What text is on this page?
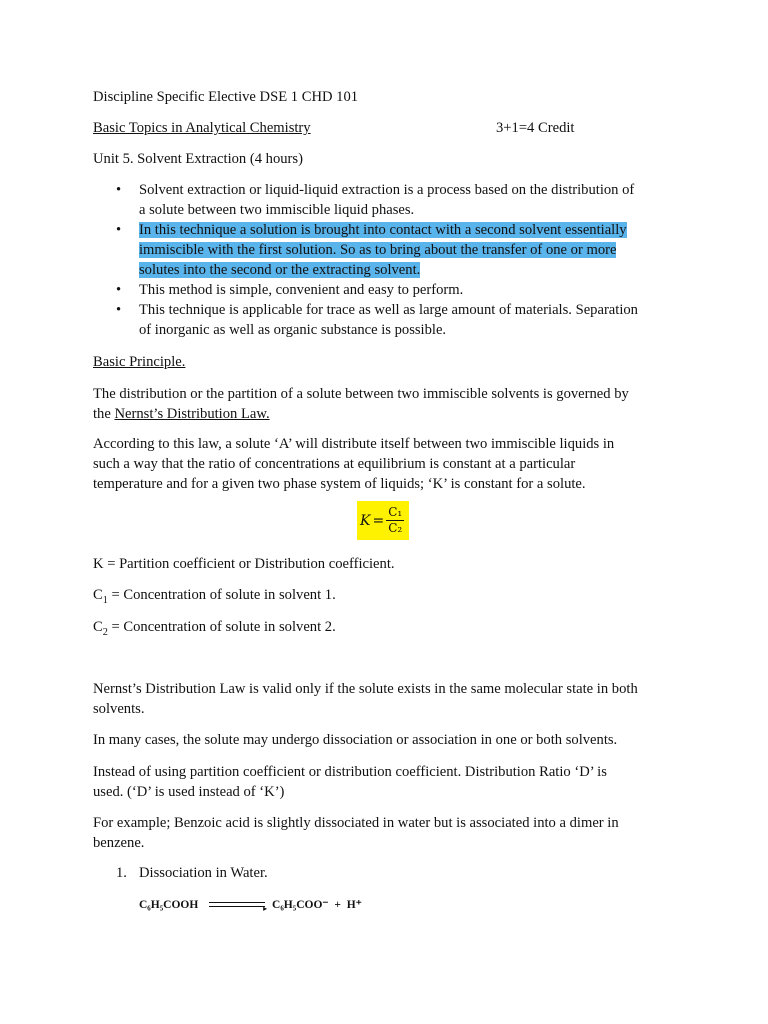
Discipline Specific Elective DSE 1 CHD 101

Basic Topics in Analytical Chemistry	3+1=4 Credit

Unit 5. Solvent Extraction (4 hours)

• Solvent extraction or liquid-liquid extraction is a process based on the distribution of
a solute between two immiscible liquid phases.
• In this technique a solution is brought into contact with a second solvent essentially
immiscible with the first solution. So as to bring about the transfer of one or more
solutes into the second or the extracting solvent.
• This method is simple, convenient and easy to perform.
• This technique is applicable for trace as well as large amount of materials. Separation
of inorganic as well as organic substance is possible.

Basic Principle.

The distribution or the partition of a solute between two immiscible solvents is governed by
the Nernst’s Distribution Law.

According to this law, a solute ‘A’ will distribute itself between two immiscible liquids in
such a way that the ratio of concentrations at equilibrium is constant at a particular
temperature and for a given two phase system of liquids; ‘K’ is constant for a solute.

$K = \frac{\text{C₁}}{\text{C₂}}$

K = Partition coefficient or Distribution coefficient.

$C_1$ = Concentration of solute in solvent 1.

$C_2$ = Concentration of solute in solvent 2.

Nernst’s Distribution Law is valid only if the solute exists in the same molecular state in both
solvents.

In many cases, the solute may undergo dissociation or association in one or both solvents.

Instead of using partition coefficient or distribution coefficient. Distribution Ratio ‘D’ is
used. (‘D’ is used instead of ‘K’)

For example; Benzoic acid is slightly dissociated in water but is associated into a dimer in
benzene.

1. Dissociation in Water.

C₆H₅COOH	▸ C₆H₅COO⁻ + H⁺
